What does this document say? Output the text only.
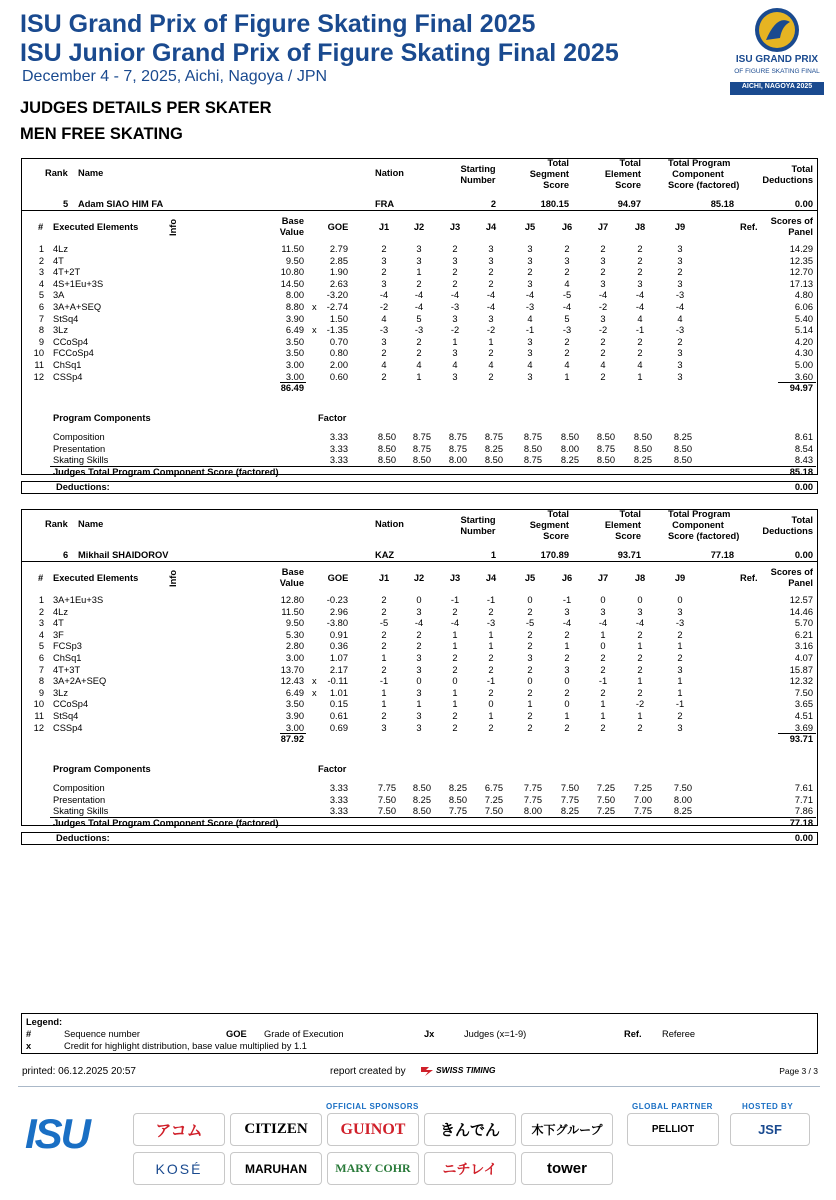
ISU Grand Prix of Figure Skating Final 2025
ISU Junior Grand Prix of Figure Skating Final 2025
December 4 - 7, 2025, Aichi, Nagoya / JPN
ISU GRAND PRIX
OF FIGURE SKATING FINAL
AICHI, NAGOYA 2025
JUDGES DETAILS PER SKATER
MEN FREE SKATING
Rank Name	Nation	Starting
Number
Total
Segment
Score
Total
Element
Score
Total Program
Component
Score (factored)
Total
Deductions
5 Adam SIAO HIM FA	FRA	2	180.15	94.97	85.18	0.00
# Executed Elements	Info	Base
Value	GOE	J1	J2	J3	J4	J5	J6	J7	J8	J9	Ref.
Scores of
Panel
1 4Lz	11.50	2.79	2	3	2	3	3	2	2	2	3	14.29
2 4T	9.50	2.85	3	3	3	3	3	3	3	2	3	12.35
3 4T+2T	10.80	1.90	2	1	2	2	2	2	2	2	2	12.70
4 4S+1Eu+3S	14.50	2.63	3	2	2	2	3	4	3	3	3	17.13
5 3A	8.00	-3.20	-4	-4	-4	-4	-4	-5	-4	-4	-3	4.80
6 3A+A+SEQ	8.80 x	-2.74	-2	-4	-3	-4	-3	-4	-2	-4	-4	6.06
7 StSq4	3.90	1.50	4	5	3	3	4	5	3	4	4	5.40
8 3Lz	6.49 x	-1.35	-3	-3	-2	-2	-1	-3	-2	-1	-3	5.14
9 CCoSp4	3.50	0.70	3	2	1	1	3	2	2	2	2	4.20
10 FCCoSp4	3.50	0.80	2	2	3	2	3	2	2	2	3	4.30
11 ChSq1	3.00	2.00	4	4	4	4	4	4	4	4	3	5.00
12 CSSp4	3.00	0.60	2	1	3	2	3	1	2	1	3	3.60
86.49	94.97
Program Components	Factor
Composition	3.33	8.50	8.75	8.75	8.75	8.75	8.50	8.50	8.50	8.25	8.61
Presentation	3.33	8.50	8.75	8.75	8.25	8.50	8.00	8.75	8.50	8.50	8.54
Skating Skills	3.33	8.50	8.50	8.00	8.50	8.75	8.25	8.50	8.25	8.50	8.43
Judges Total Program Component Score (factored)	85.18
Deductions:	0.00
Rank Name	Nation	Starting
Number
Total
Segment
Score
Total
Element
Score
Total Program
Component
Score (factored)
Total
Deductions
6 Mikhail SHAIDOROV	KAZ	1	170.89	93.71	77.18	0.00
# Executed Elements	Info	Base
Value	GOE	J1	J2	J3	J4	J5	J6	J7	J8	J9	Ref.
Scores of
Panel
1 3A+1Eu+3S	12.80	-0.23	2	0	-1	-1	0	-1	0	0	0	12.57
2 4Lz	11.50	2.96	2	3	2	2	2	3	3	3	3	14.46
3 4T	9.50	-3.80	-5	-4	-4	-3	-5	-4	-4	-4	-3	5.70
4 3F	5.30	0.91	2	2	1	1	2	2	1	2	2	6.21
5 FCSp3	2.80	0.36	2	2	1	1	2	1	0	1	1	3.16
6 ChSq1	3.00	1.07	1	3	2	2	3	2	2	2	2	4.07
7 4T+3T	13.70	2.17	2	3	2	2	2	3	2	2	3	15.87
8 3A+2A+SEQ	12.43 x	-0.11	-1	0	0	-1	0	0	-1	1	1	12.32
9 3Lz	6.49 x	1.01	1	3	1	2	2	2	2	2	1	7.50
10 CCoSp4	3.50	0.15	1	1	1	0	1	0	1	-2	-1	3.65
11 StSq4	3.90	0.61	2	3	2	1	2	1	1	1	2	4.51
12 CSSp4	3.00	0.69	3	3	2	2	2	2	2	2	3	3.69
87.92	93.71
Program Components	Factor
Composition	3.33	7.75	8.50	8.25	6.75	7.75	7.50	7.25	7.25	7.50	7.61
Presentation	3.33	7.50	8.25	8.50	7.25	7.75	7.75	7.50	7.00	8.00	7.71
Skating Skills	3.33	7.50	8.50	7.75	7.50	8.00	8.25	7.25	7.75	8.25	7.86
Judges Total Program Component Score (factored)	77.18
Deductions:	0.00
Legend:
#	Sequence number	GOE Grade of Execution	Jx	Judges (x=1-9)	Ref. Referee
x	Credit for highlight distribution, base value multiplied by 1.1
printed: 06.12.2025 20:57	report created by	SWISS TIMING	Page 3 / 3
OFFICIAL SPONSORS	GLOBAL PARTNER	HOSTED BY
ISU	アコム	CITIZEN	GUINOT	きんでん	木下グループ
KOSÉ	MARUHAN	MARY COHR	ニチレイ	tower
PELLIOT	JSF
